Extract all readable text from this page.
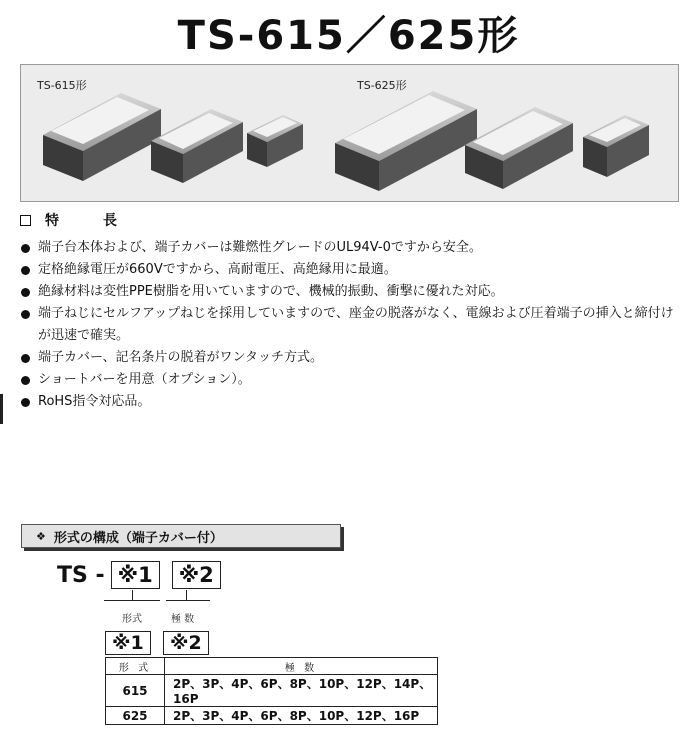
TS-615／625形
TS-615形	TS-625形
特	長
端子台本体および、端子カバーは難燃性グレードのUL94V-0ですから安全。
定格絶縁電圧が660Vですから、高耐電圧、高絶縁用に最適。
絶縁材料は変性PPE樹脂を用いていますので、機械的振動、衝撃に優れた対応。
端子ねじにセルフアップねじを採用していますので、座金の脱落がなく、電線および圧着端子の挿入と締付けが迅速で確実。
端子カバー、記名条片の脱着がワンタッチ方式。
ショートバーを用意（オプション）。
RoHS指令対応品。
❖ 形式の構成（端子カバー付）
TS - ※1	※2
形式	極 数
※1	※2
形 式	極 数
615	2P、3P、4P、6P、8P、10P、12P、14P、16P
625	2P、3P、4P、6P、8P、10P、12P、16P
